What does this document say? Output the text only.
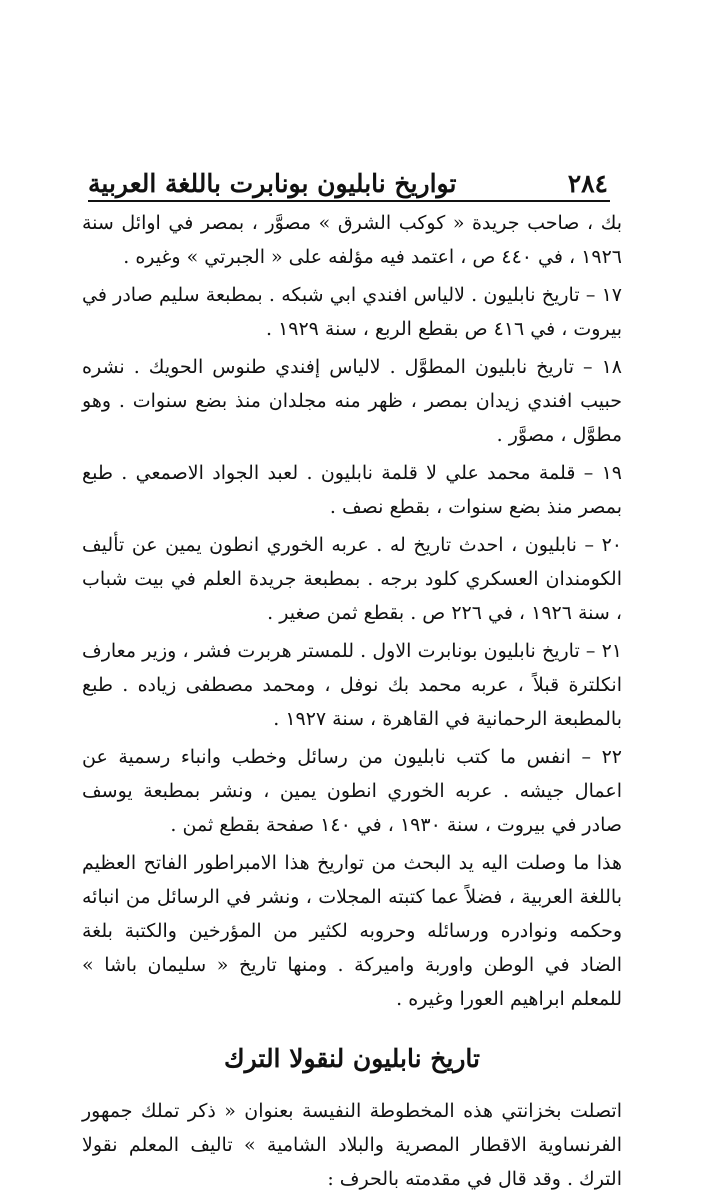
٢٨٤
تواريخ نابليون بونابرت باللغة العربية

بك ، صاحب جريدة « كوكب الشرق » مصوَّر ، بمصر في اوائل سنة ١٩٢٦ ، في ٤٤٠ ص ، اعتمد فيه مؤلفه على « الجبرتي » وغيره .

١٧ – تاريخ نابليون . لالياس افندي ابي شبكه . بمطبعة سليم صادر في بيروت ، في ٤١٦ ص بقطع الربع ، سنة ١٩٢٩ .

١٨ – تاريخ نابليون المطوَّل . لالياس إفندي طنوس الحويك . نشره حبيب افندي زيدان بمصر ، ظهر منه مجلدان منذ بضع سنوات . وهو مطوَّل ، مصوَّر .

١٩ – قلمة محمد علي لا قلمة نابليون . لعبد الجواد الاصمعي . طبع بمصر منذ بضع سنوات ، بقطع نصف .

٢٠ – نابليون ، احدث تاريخ له . عربه الخوري انطون يمين عن تأليف الكومندان العسكري كلود برجه . بمطبعة جريدة العلم في بيت شباب ، سنة ١٩٢٦ ، في ٢٢٦ ص . بقطع ثمن صغير .

٢١ – تاريخ نابليون بونابرت الاول . للمستر هربرت فشر ، وزير معارف انكلترة قبلاً ، عربه محمد بك نوفل ، ومحمد مصطفى زياده . طبع بالمطبعة الرحمانية في القاهرة ، سنة ١٩٢٧ .

٢٢ – انفس ما كتب نابليون من رسائل وخطب وانباء رسمية عن اعمال جيشه . عربه الخوري انطون يمين ، ونشر بمطبعة يوسف صادر في بيروت ، سنة ١٩٣٠ ، في ١٤٠ صفحة بقطع ثمن .

هذا ما وصلت اليه يد البحث من تواريخ هذا الامبراطور الفاتح العظيم باللغة العربية ، فضلاً عما كتبته المجلات ، ونشر في الرسائل من انبائه وحكمه ونوادره ورسائله وحروبه لكثير من المؤرخين والكتبة بلغة الضاد في الوطن واوربة واميركة . ومنها تاريخ « سليمان باشا » للمعلم ابراهيم العورا وغيره .

تاريخ نابليون لنقولا الترك

اتصلت بخزانتي هذه المخطوطة النفيسة بعنوان « ذكر تملك جمهور الفرنساوية الاقطار المصرية والبلاد الشامية » تاليف المعلم نقولا الترك . وقد قال في مقدمته بالحرف :
